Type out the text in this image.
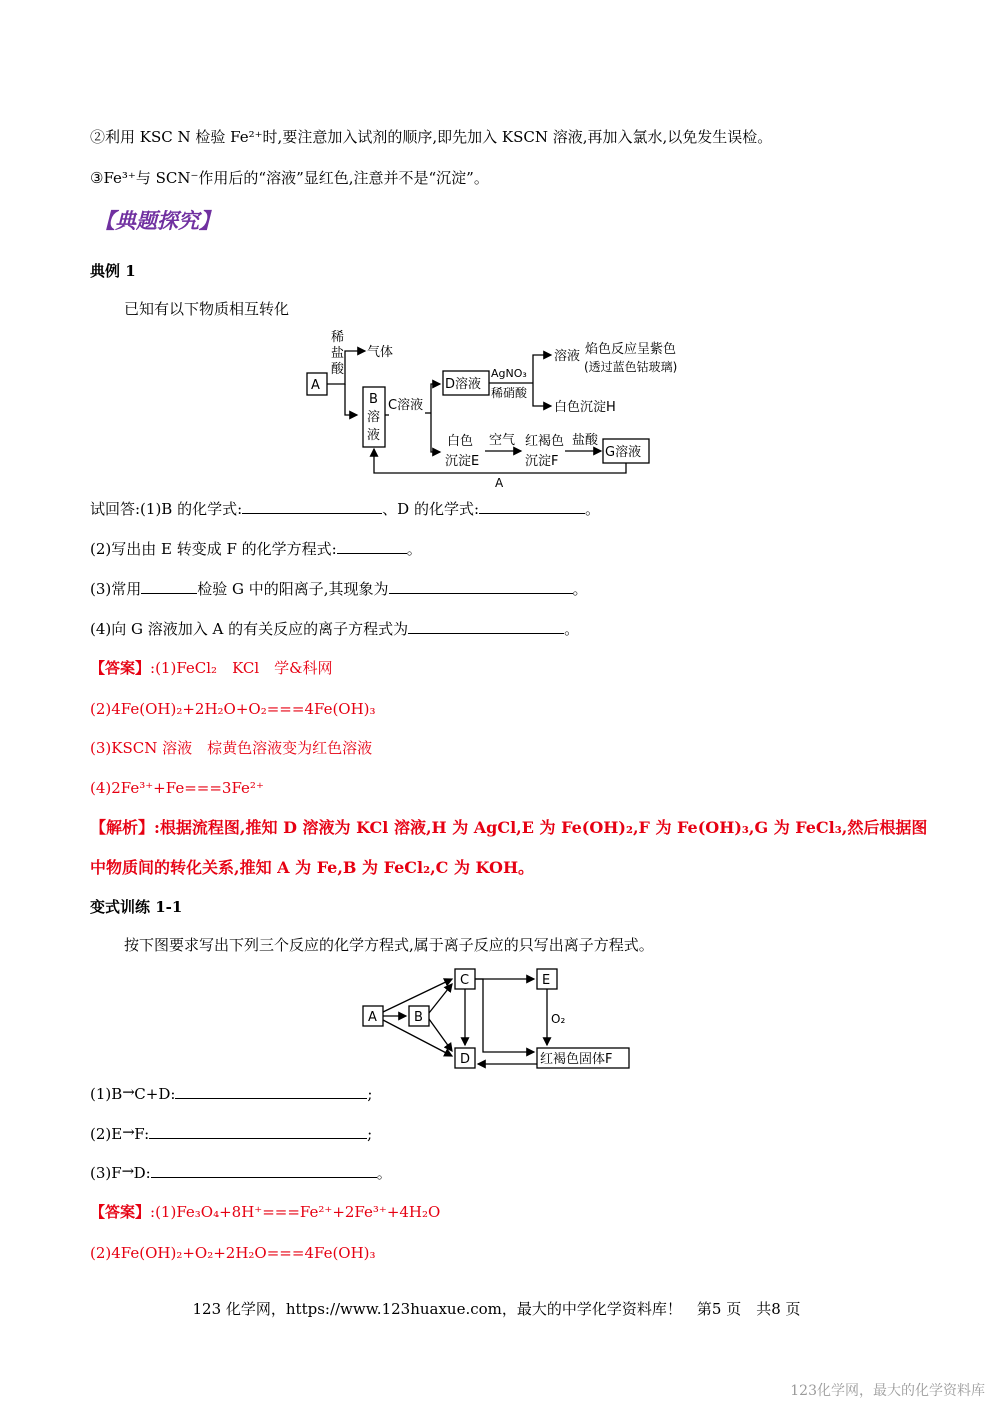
②利用 KSC N 检验 Fe²⁺时,要注意加入试剂的顺序,即先加入 KSCN 溶液,再加入氯水,以免发生误检。
③Fe³⁺与 SCN⁻作用后的“溶液”显红色,注意并不是“沉淀”。
【典题探究】
典例 1
已知有以下物质相互转化
A
稀
盐
酸
气体
B
溶
液
C溶液
D溶液
AgNO₃
稀硝酸
溶液 焰色反应呈紫色
(透过蓝色钴玻璃)
白色沉淀H
白色
沉淀E
空气 红褐色
沉淀F
盐酸
G溶液
A
试回答:(1)B 的化学式:	、D 的化学式:	。
(2)写出由 E 转变成 F 的化学方程式:	。
(3)常用	检验 G 中的阳离子,其现象为	。
(4)向 G 溶液加入 A 的有关反应的离子方程式为	。
【答案】:(1)FeCl₂　KCl　学&科网
(2)4Fe(OH)₂+2H₂O+O₂===4Fe(OH)₃
(3)KSCN 溶液　棕黄色溶液变为红色溶液
(4)2Fe³⁺+Fe===3Fe²⁺
【解析】:根据流程图,推知 D 溶液为 KCl 溶液,H 为 AgCl,E 为 Fe(OH)₂,F 为 Fe(OH)₃,G 为 FeCl₃,然后根据图
中物质间的转化关系,推知 A 为 Fe,B 为 FeCl₂,C 为 KOH。
变式训练 1-1
按下图要求写出下列三个反应的化学方程式,属于离子反应的只写出离子方程式。
A	B
C
D
E
O₂
红褐色固体F
(1)B→C+D:	;
(2)E→F:	;
(3)F→D:	。
【答案】:(1)Fe₃O₄+8H⁺===Fe²⁺+2Fe³⁺+4H₂O
(2)4Fe(OH)₂+O₂+2H₂O===4Fe(OH)₃
123 化学网，https://www.123huaxue.com，最大的中学化学资料库！　第5 页　共8 页
123化学网，最大的化学资料库
